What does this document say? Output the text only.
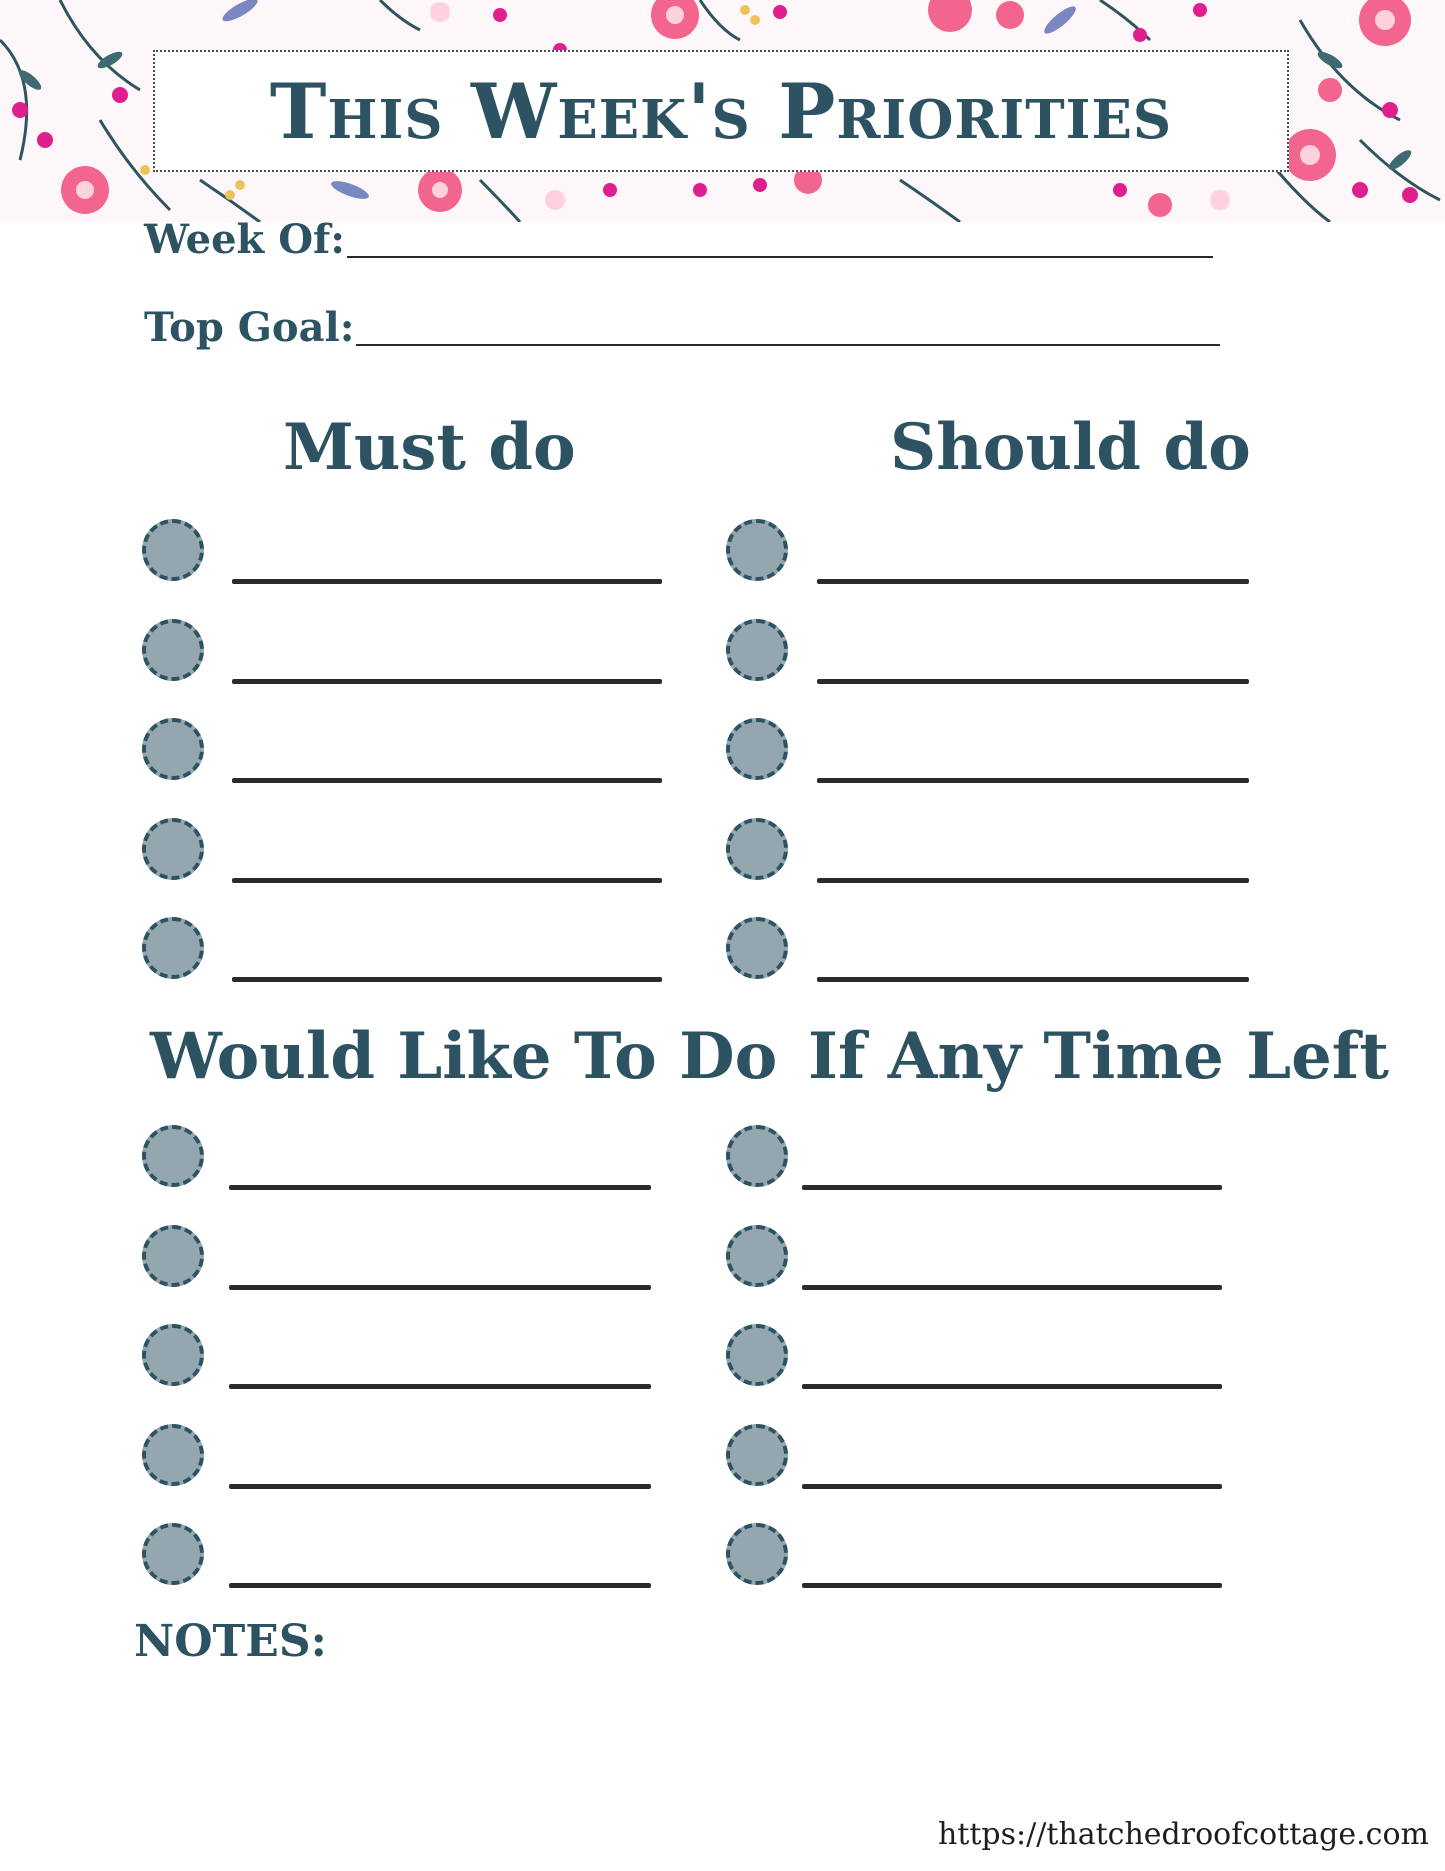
This Week's Priorities
Week Of:
Top Goal:
Must do	Should do
Would Like To Do If Any Time Left
NOTES:
https://thatchedroofcottage.com
